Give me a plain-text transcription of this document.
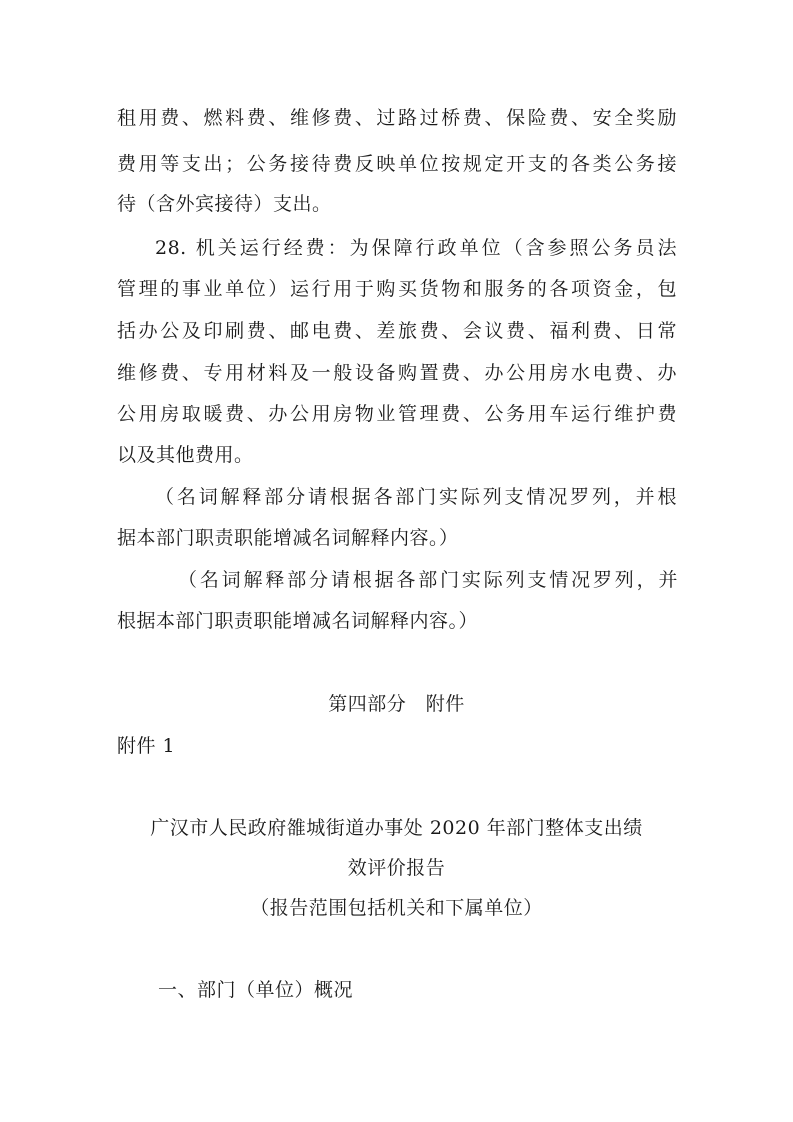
租用费、燃料费、维修费、过路过桥费、保险费、安全奖励
费用等支出；公务接待费反映单位按规定开支的各类公务接
待（含外宾接待）支出。
28. 机关运行经费：为保障行政单位（含参照公务员法
管理的事业单位）运行用于购买货物和服务的各项资金，包
括办公及印刷费、邮电费、差旅费、会议费、福利费、日常
维修费、专用材料及一般设备购置费、办公用房水电费、办
公用房取暖费、办公用房物业管理费、公务用车运行维护费
以及其他费用。
（名词解释部分请根据各部门实际列支情况罗列，并根
据本部门职责职能增减名词解释内容。）
（名词解释部分请根据各部门实际列支情况罗列，并
根据本部门职责职能增减名词解释内容。）
第四部分　附件
附件 1
广汉市人民政府雒城街道办事处 2020 年部门整体支出绩
效评价报告
（报告范围包括机关和下属单位）
一、部门（单位）概况
